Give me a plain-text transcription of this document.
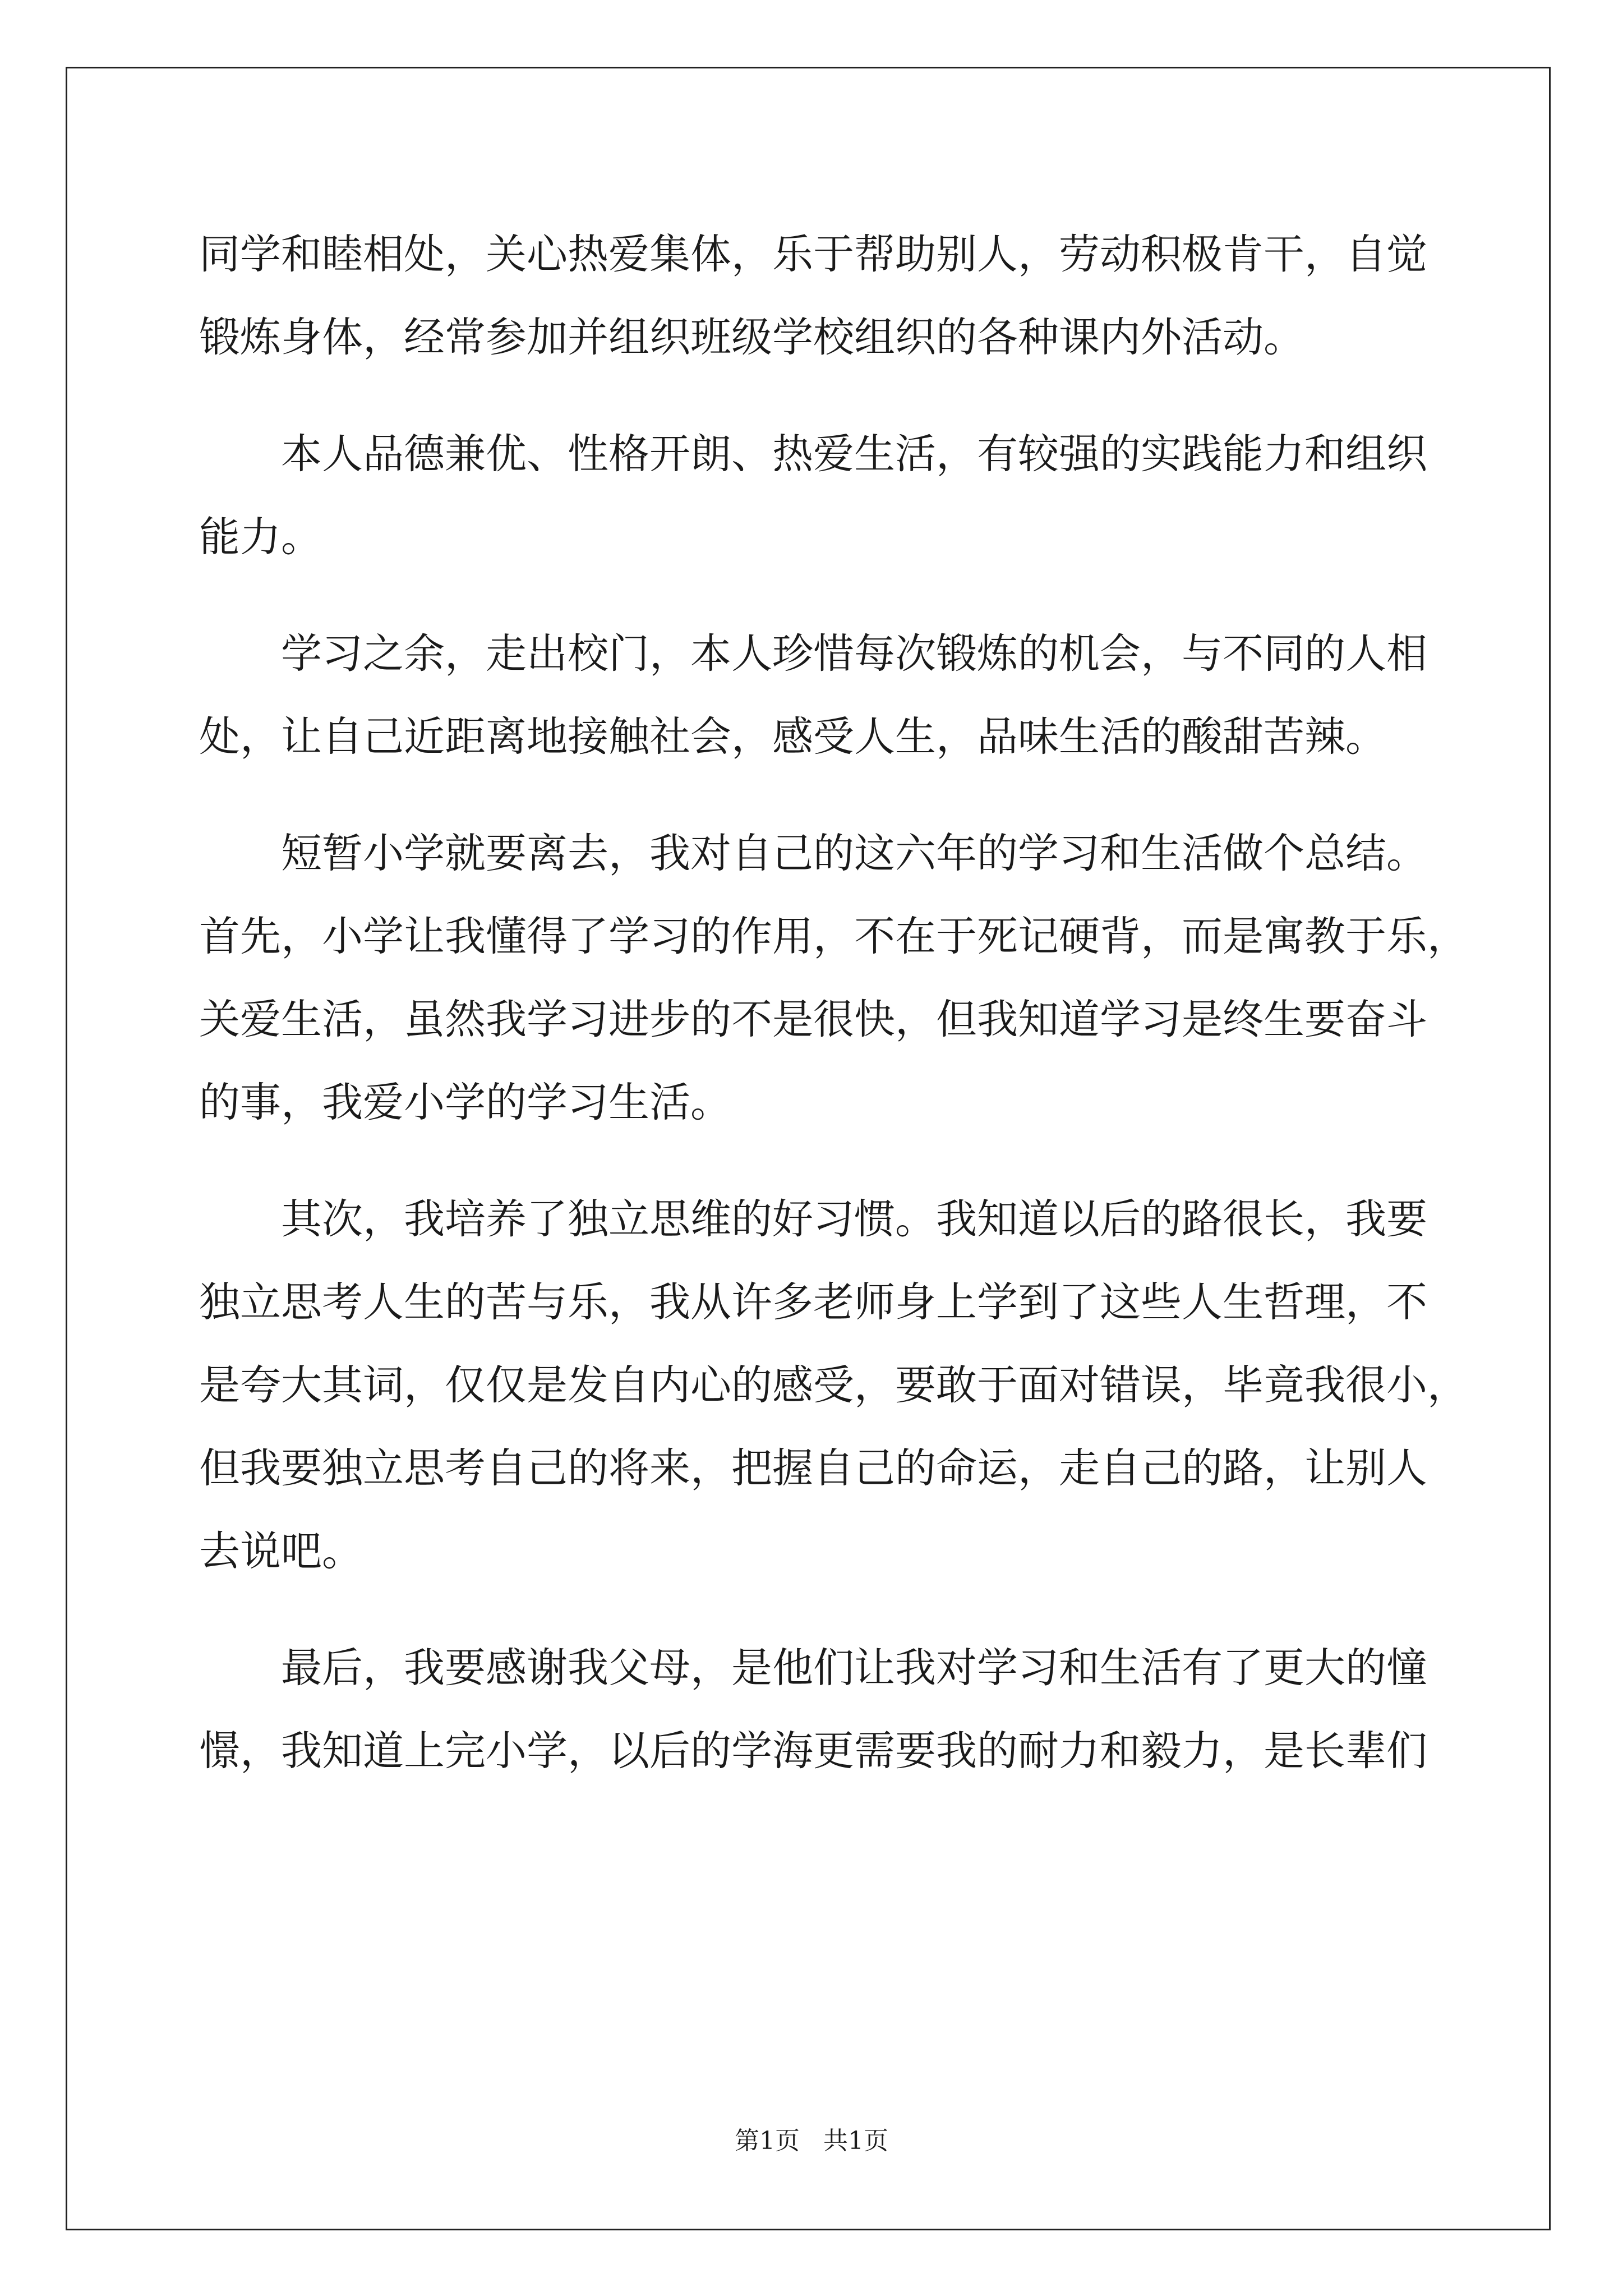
同学和睦相处，关心热爱集体，乐于帮助别人，劳动积极肯干，自觉
锻炼身体，经常参加并组织班级学校组织的各种课内外活动。
本人品德兼优、性格开朗、热爱生活，有较强的实践能力和组织
能力。
学习之余，走出校门，本人珍惜每次锻炼的机会，与不同的人相
处，让自己近距离地接触社会，感受人生，品味生活的酸甜苦辣。
短暂小学就要离去，我对自己的这六年的学习和生活做个总结。
首先，小学让我懂得了学习的作用，不在于死记硬背，而是寓教于乐，
关爱生活，虽然我学习进步的不是很快，但我知道学习是终生要奋斗
的事，我爱小学的学习生活。
其次，我培养了独立思维的好习惯。我知道以后的路很长，我要
独立思考人生的苦与乐，我从许多老师身上学到了这些人生哲理，不
是夸大其词，仅仅是发自内心的感受，要敢于面对错误，毕竟我很小，
但我要独立思考自己的将来，把握自己的命运，走自己的路，让别人
去说吧。
最后，我要感谢我父母，是他们让我对学习和生活有了更大的憧
憬，我知道上完小学，以后的学海更需要我的耐力和毅力，是长辈们
第1页 共1页
